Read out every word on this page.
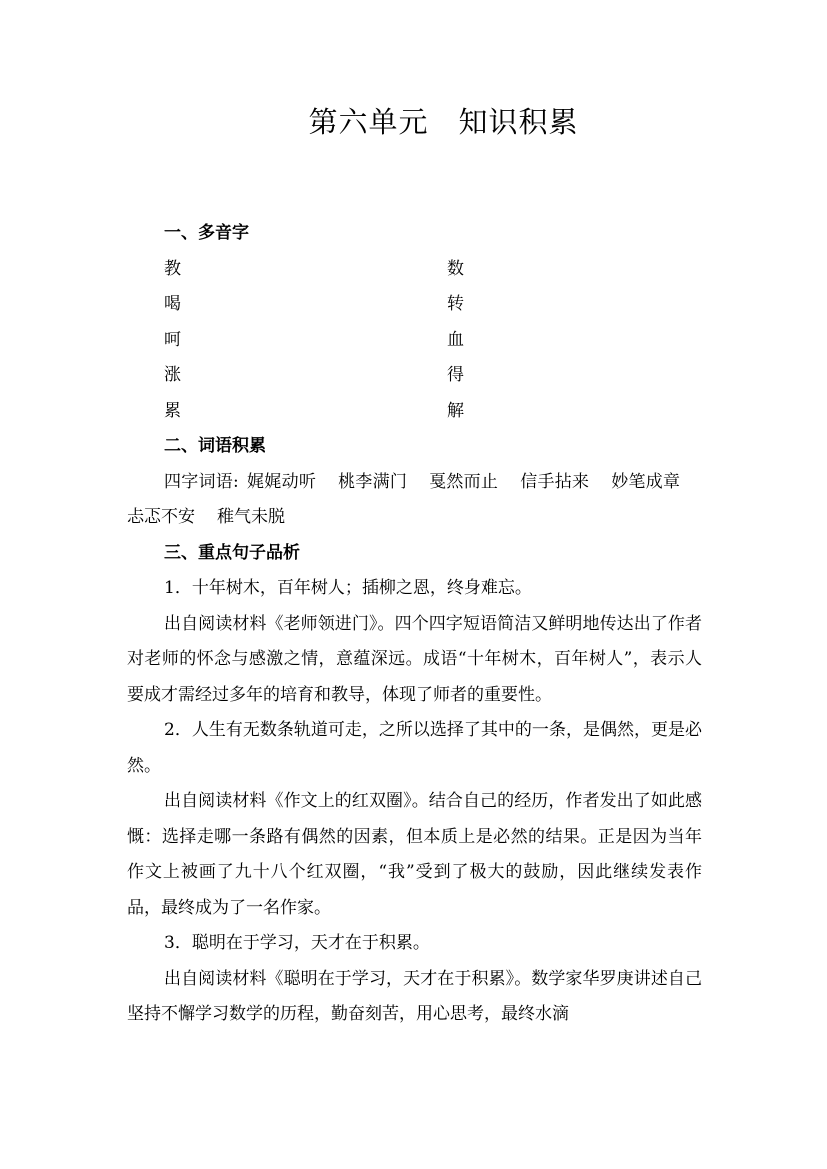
第六单元 知识积累
一、多音字
教	数
喝	转
呵	血
涨	得
累	解
二、词语积累
四字词语: 娓娓动听 桃李满门 戛然而止 信手拈来 妙笔成章忐忑不安 稚气未脱
三、重点句子品析
1．十年树木，百年树人；插柳之恩，终身难忘。
出自阅读材料《老师领进门》。四个四字短语简洁又鲜明地传达出了作者对老师的怀念与感激之情，意蕴深远。成语“十年树木，百年树人”，表示人要成才需经过多年的培育和教导，体现了师者的重要性。
2．人生有无数条轨道可走，之所以选择了其中的一条，是偶然，更是必然。
出自阅读材料《作文上的红双圈》。结合自己的经历，作者发出了如此感慨：选择走哪一条路有偶然的因素，但本质上是必然的结果。正是因为当年作文上被画了九十八个红双圈，“我”受到了极大的鼓励，因此继续发表作品，最终成为了一名作家。
3．聪明在于学习，天才在于积累。
出自阅读材料《聪明在于学习，天才在于积累》。数学家华罗庚讲述自己坚持不懈学习数学的历程，勤奋刻苦，用心思考，最终水滴
